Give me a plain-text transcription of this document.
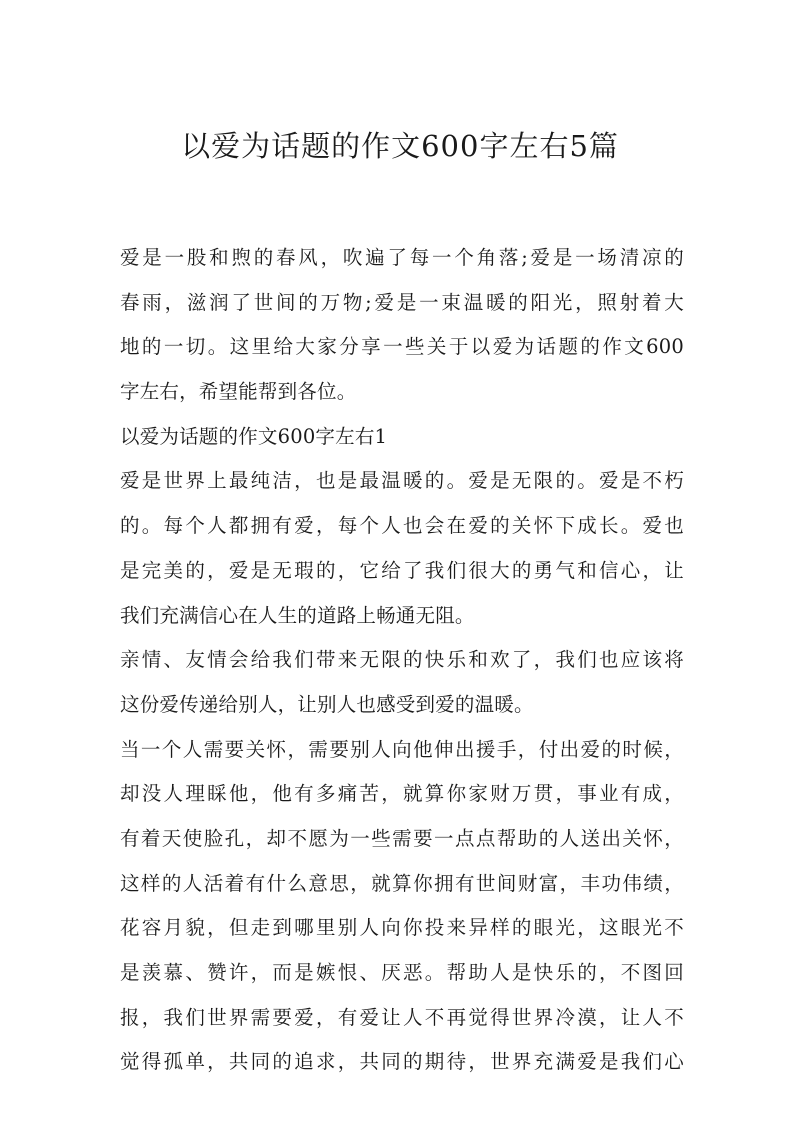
以爱为话题的作文600字左右5篇
爱是一股和煦的春风，吹遍了每一个角落;爱是一场清凉的
春雨，滋润了世间的万物;爱是一束温暖的阳光，照射着大
地的一切。这里给大家分享一些关于以爱为话题的作文600
字左右，希望能帮到各位。
以爱为话题的作文600字左右1
爱是世界上最纯洁，也是最温暖的。爱是无限的。爱是不朽
的。每个人都拥有爱，每个人也会在爱的关怀下成长。爱也
是完美的，爱是无瑕的，它给了我们很大的勇气和信心，让
我们充满信心在人生的道路上畅通无阻。
亲情、友情会给我们带来无限的快乐和欢了，我们也应该将
这份爱传递给别人，让别人也感受到爱的温暖。
当一个人需要关怀，需要别人向他伸出援手，付出爱的时候，
却没人理睬他，他有多痛苦，就算你家财万贯，事业有成，
有着天使脸孔，却不愿为一些需要一点点帮助的人送出关怀，
这样的人活着有什么意思，就算你拥有世间财富，丰功伟绩，
花容月貌，但走到哪里别人向你投来异样的眼光，这眼光不
是羡慕、赞许，而是嫉恨、厌恶。帮助人是快乐的，不图回
报，我们世界需要爱，有爱让人不再觉得世界冷漠，让人不
觉得孤单，共同的追求，共同的期待，世界充满爱是我们心
